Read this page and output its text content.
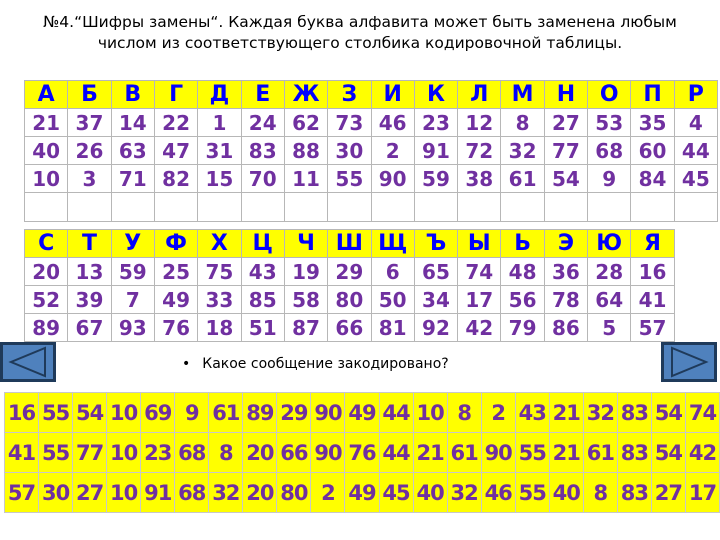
№4.“Шифры замены“. Каждая буква алфавита может быть заменена любым
числом из соответствующего столбика кодировочной таблицы.
А	Б	В	Г	Д	Е	Ж	З	И	К	Л	М	Н	О	П	Р
21	37	14	22	1	24	62	73	46	23	12	8	27	53	35	4
40	26	63	47	31	83	88	30	2	91	72	32	77	68	60	44
10	3	71	82	15	70	11	55	90	59	38	61	54	9	84	45

С	Т	У	Ф	Х	Ц	Ч	Ш	Щ	Ъ	Ы	Ь	Э	Ю	Я	
20	13	59	25	75	43	19	29	6	65	74	48	36	28	16	
52	39	7	49	33	85	58	80	50	34	17	56	78	64	41	
89	67	93	76	18	51	87	66	81	92	42	79	86	5	57	
• Какое сообщение закодировано?
16	55	54	10	69	9	61	89	29	90	49	44	10	8	2	43	21	32	83	54	74
41	55	77	10	23	68	8	20	66	90	76	44	21	61	90	55	21	61	83	54	42
57	30	27	10	91	68	32	20	80	2	49	45	40	32	46	55	40	8	83	27	17
